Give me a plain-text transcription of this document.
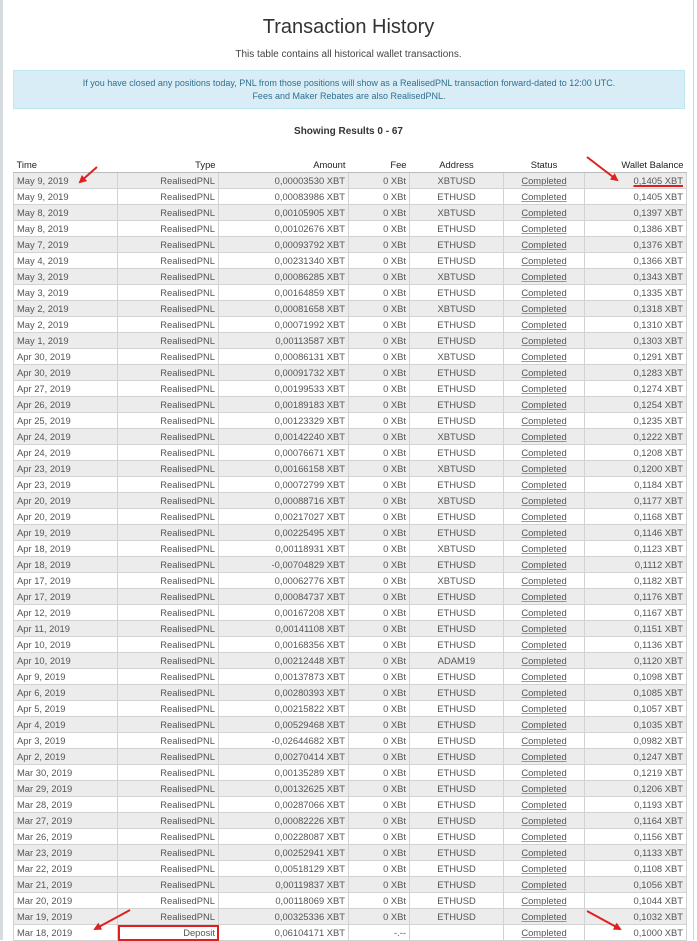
Transaction History
This table contains all historical wallet transactions.
If you have closed any positions today, PNL from those positions will show as a RealisedPNL transaction forward-dated to 12:00 UTC.
Fees and Maker Rebates are also RealisedPNL.
Showing Results 0 - 67
Time	Type	Amount	Fee	Address	Status	Wallet Balance
May 9, 2019	RealisedPNL	0,00003530 XBT	0 XBt	XBTUSD	Completed	0,1405 XBT
May 9, 2019	RealisedPNL	0,00083986 XBT	0 XBt	ETHUSD	Completed	0,1405 XBT
May 8, 2019	RealisedPNL	0,00105905 XBT	0 XBt	XBTUSD	Completed	0,1397 XBT
May 8, 2019	RealisedPNL	0,00102676 XBT	0 XBt	ETHUSD	Completed	0,1386 XBT
May 7, 2019	RealisedPNL	0,00093792 XBT	0 XBt	ETHUSD	Completed	0,1376 XBT
May 4, 2019	RealisedPNL	0,00231340 XBT	0 XBt	ETHUSD	Completed	0,1366 XBT
May 3, 2019	RealisedPNL	0,00086285 XBT	0 XBt	XBTUSD	Completed	0,1343 XBT
May 3, 2019	RealisedPNL	0,00164859 XBT	0 XBt	ETHUSD	Completed	0,1335 XBT
May 2, 2019	RealisedPNL	0,00081658 XBT	0 XBt	XBTUSD	Completed	0,1318 XBT
May 2, 2019	RealisedPNL	0,00071992 XBT	0 XBt	ETHUSD	Completed	0,1310 XBT
May 1, 2019	RealisedPNL	0,00113587 XBT	0 XBt	ETHUSD	Completed	0,1303 XBT
Apr 30, 2019	RealisedPNL	0,00086131 XBT	0 XBt	XBTUSD	Completed	0,1291 XBT
Apr 30, 2019	RealisedPNL	0,00091732 XBT	0 XBt	ETHUSD	Completed	0,1283 XBT
Apr 27, 2019	RealisedPNL	0,00199533 XBT	0 XBt	ETHUSD	Completed	0,1274 XBT
Apr 26, 2019	RealisedPNL	0,00189183 XBT	0 XBt	ETHUSD	Completed	0,1254 XBT
Apr 25, 2019	RealisedPNL	0,00123329 XBT	0 XBt	ETHUSD	Completed	0,1235 XBT
Apr 24, 2019	RealisedPNL	0,00142240 XBT	0 XBt	XBTUSD	Completed	0,1222 XBT
Apr 24, 2019	RealisedPNL	0,00076671 XBT	0 XBt	ETHUSD	Completed	0,1208 XBT
Apr 23, 2019	RealisedPNL	0,00166158 XBT	0 XBt	XBTUSD	Completed	0,1200 XBT
Apr 23, 2019	RealisedPNL	0,00072799 XBT	0 XBt	ETHUSD	Completed	0,1184 XBT
Apr 20, 2019	RealisedPNL	0,00088716 XBT	0 XBt	XBTUSD	Completed	0,1177 XBT
Apr 20, 2019	RealisedPNL	0,00217027 XBT	0 XBt	ETHUSD	Completed	0,1168 XBT
Apr 19, 2019	RealisedPNL	0,00225495 XBT	0 XBt	ETHUSD	Completed	0,1146 XBT
Apr 18, 2019	RealisedPNL	0,00118931 XBT	0 XBt	XBTUSD	Completed	0,1123 XBT
Apr 18, 2019	RealisedPNL	-0,00704829 XBT	0 XBt	ETHUSD	Completed	0,1112 XBT
Apr 17, 2019	RealisedPNL	0,00062776 XBT	0 XBt	XBTUSD	Completed	0,1182 XBT
Apr 17, 2019	RealisedPNL	0,00084737 XBT	0 XBt	ETHUSD	Completed	0,1176 XBT
Apr 12, 2019	RealisedPNL	0,00167208 XBT	0 XBt	ETHUSD	Completed	0,1167 XBT
Apr 11, 2019	RealisedPNL	0,00141108 XBT	0 XBt	ETHUSD	Completed	0,1151 XBT
Apr 10, 2019	RealisedPNL	0,00168356 XBT	0 XBt	ETHUSD	Completed	0,1136 XBT
Apr 10, 2019	RealisedPNL	0,00212448 XBT	0 XBt	ADAM19	Completed	0,1120 XBT
Apr 9, 2019	RealisedPNL	0,00137873 XBT	0 XBt	ETHUSD	Completed	0,1098 XBT
Apr 6, 2019	RealisedPNL	0,00280393 XBT	0 XBt	ETHUSD	Completed	0,1085 XBT
Apr 5, 2019	RealisedPNL	0,00215822 XBT	0 XBt	ETHUSD	Completed	0,1057 XBT
Apr 4, 2019	RealisedPNL	0,00529468 XBT	0 XBt	ETHUSD	Completed	0,1035 XBT
Apr 3, 2019	RealisedPNL	-0,02644682 XBT	0 XBt	ETHUSD	Completed	0,0982 XBT
Apr 2, 2019	RealisedPNL	0,00270414 XBT	0 XBt	ETHUSD	Completed	0,1247 XBT
Mar 30, 2019	RealisedPNL	0,00135289 XBT	0 XBt	ETHUSD	Completed	0,1219 XBT
Mar 29, 2019	RealisedPNL	0,00132625 XBT	0 XBt	ETHUSD	Completed	0,1206 XBT
Mar 28, 2019	RealisedPNL	0,00287066 XBT	0 XBt	ETHUSD	Completed	0,1193 XBT
Mar 27, 2019	RealisedPNL	0,00082226 XBT	0 XBt	ETHUSD	Completed	0,1164 XBT
Mar 26, 2019	RealisedPNL	0,00228087 XBT	0 XBt	ETHUSD	Completed	0,1156 XBT
Mar 23, 2019	RealisedPNL	0,00252941 XBT	0 XBt	ETHUSD	Completed	0,1133 XBT
Mar 22, 2019	RealisedPNL	0,00518129 XBT	0 XBt	ETHUSD	Completed	0,1108 XBT
Mar 21, 2019	RealisedPNL	0,00119837 XBT	0 XBt	ETHUSD	Completed	0,1056 XBT
Mar 20, 2019	RealisedPNL	0,00118069 XBT	0 XBt	ETHUSD	Completed	0,1044 XBT
Mar 19, 2019	RealisedPNL	0,00325336 XBT	0 XBt	ETHUSD	Completed	0,1032 XBT
Mar 18, 2019	Deposit	0,06104171 XBT	-.--		Completed	0,1000 XBT
